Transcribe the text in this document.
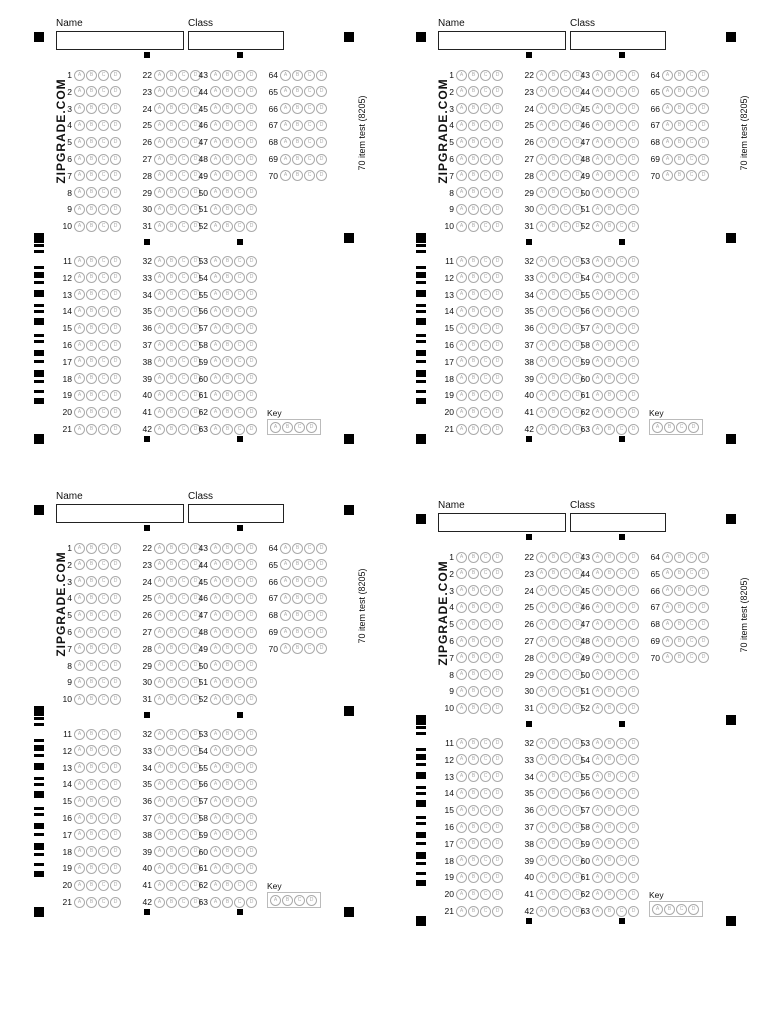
Name	Class
ZIPGRADE.COM	70 item test (8205)
1	A	B	C	D
2	A	B	C	D
3	A	B	C	D
4	A	B	C	D
5	A	B	C	D
6	A	B	C	D
7	A	B	C	D
8	A	B	C	D
9	A	B	C	D
10	A	B	C	D
11	A	B	C	D
12	A	B	C	D
13	A	B	C	D
14	A	B	C	D
15	A	B	C	D
16	A	B	C	D
17	A	B	C	D
18	A	B	C	D
19	A	B	C	D
20	A	B	C	D
21	A	B	C	D
22	A	B	C	D
23	A	B	C	D
24	A	B	C	D
25	A	B	C	D
26	A	B	C	D
27	A	B	C	D
28	A	B	C	D
29	A	B	C	D
30	A	B	C	D
31	A	B	C	D
32	A	B	C	D
33	A	B	C	D
34	A	B	C	D
35	A	B	C	D
36	A	B	C	D
37	A	B	C	D
38	A	B	C	D
39	A	B	C	D
40	A	B	C	D
41	A	B	C	D
42	A	B	C	D
43	A	B	C	D
44	A	B	C	D
45	A	B	C	D
46	A	B	C	D
47	A	B	C	D
48	A	B	C	D
49	A	B	C	D
50	A	B	C	D
51	A	B	C	D
52	A	B	C	D
53	A	B	C	D
54	A	B	C	D
55	A	B	C	D
56	A	B	C	D
57	A	B	C	D
58	A	B	C	D
59	A	B	C	D
60	A	B	C	D
61	A	B	C	D
62	A	B	C	D
63	A	B	C	D
64	A	B	C	D
65	A	B	C	D
66	A	B	C	D
67	A	B	C	D
68	A	B	C	D
69	A	B	C	D
70	A	B	C	D
Key
A	B	C	D
Name	Class
ZIPGRADE.COM	70 item test (8205)
1	A	B	C	D
2	A	B	C	D
3	A	B	C	D
4	A	B	C	D
5	A	B	C	D
6	A	B	C	D
7	A	B	C	D
8	A	B	C	D
9	A	B	C	D
10	A	B	C	D
11	A	B	C	D
12	A	B	C	D
13	A	B	C	D
14	A	B	C	D
15	A	B	C	D
16	A	B	C	D
17	A	B	C	D
18	A	B	C	D
19	A	B	C	D
20	A	B	C	D
21	A	B	C	D
22	A	B	C	D
23	A	B	C	D
24	A	B	C	D
25	A	B	C	D
26	A	B	C	D
27	A	B	C	D
28	A	B	C	D
29	A	B	C	D
30	A	B	C	D
31	A	B	C	D
32	A	B	C	D
33	A	B	C	D
34	A	B	C	D
35	A	B	C	D
36	A	B	C	D
37	A	B	C	D
38	A	B	C	D
39	A	B	C	D
40	A	B	C	D
41	A	B	C	D
42	A	B	C	D
43	A	B	C	D
44	A	B	C	D
45	A	B	C	D
46	A	B	C	D
47	A	B	C	D
48	A	B	C	D
49	A	B	C	D
50	A	B	C	D
51	A	B	C	D
52	A	B	C	D
53	A	B	C	D
54	A	B	C	D
55	A	B	C	D
56	A	B	C	D
57	A	B	C	D
58	A	B	C	D
59	A	B	C	D
60	A	B	C	D
61	A	B	C	D
62	A	B	C	D
63	A	B	C	D
64	A	B	C	D
65	A	B	C	D
66	A	B	C	D
67	A	B	C	D
68	A	B	C	D
69	A	B	C	D
70	A	B	C	D
Key
A	B	C	D
Name	Class
ZIPGRADE.COM	70 item test (8205)
1	A	B	C	D
2	A	B	C	D
3	A	B	C	D
4	A	B	C	D
5	A	B	C	D
6	A	B	C	D
7	A	B	C	D
8	A	B	C	D
9	A	B	C	D
10	A	B	C	D
11	A	B	C	D
12	A	B	C	D
13	A	B	C	D
14	A	B	C	D
15	A	B	C	D
16	A	B	C	D
17	A	B	C	D
18	A	B	C	D
19	A	B	C	D
20	A	B	C	D
21	A	B	C	D
22	A	B	C	D
23	A	B	C	D
24	A	B	C	D
25	A	B	C	D
26	A	B	C	D
27	A	B	C	D
28	A	B	C	D
29	A	B	C	D
30	A	B	C	D
31	A	B	C	D
32	A	B	C	D
33	A	B	C	D
34	A	B	C	D
35	A	B	C	D
36	A	B	C	D
37	A	B	C	D
38	A	B	C	D
39	A	B	C	D
40	A	B	C	D
41	A	B	C	D
42	A	B	C	D
43	A	B	C	D
44	A	B	C	D
45	A	B	C	D
46	A	B	C	D
47	A	B	C	D
48	A	B	C	D
49	A	B	C	D
50	A	B	C	D
51	A	B	C	D
52	A	B	C	D
53	A	B	C	D
54	A	B	C	D
55	A	B	C	D
56	A	B	C	D
57	A	B	C	D
58	A	B	C	D
59	A	B	C	D
60	A	B	C	D
61	A	B	C	D
62	A	B	C	D
63	A	B	C	D
64	A	B	C	D
65	A	B	C	D
66	A	B	C	D
67	A	B	C	D
68	A	B	C	D
69	A	B	C	D
70	A	B	C	D
Key
A	B	C	D
Name	Class
ZIPGRADE.COM	70 item test (8205)
1	A	B	C	D
2	A	B	C	D
3	A	B	C	D
4	A	B	C	D
5	A	B	C	D
6	A	B	C	D
7	A	B	C	D
8	A	B	C	D
9	A	B	C	D
10	A	B	C	D
11	A	B	C	D
12	A	B	C	D
13	A	B	C	D
14	A	B	C	D
15	A	B	C	D
16	A	B	C	D
17	A	B	C	D
18	A	B	C	D
19	A	B	C	D
20	A	B	C	D
21	A	B	C	D
22	A	B	C	D
23	A	B	C	D
24	A	B	C	D
25	A	B	C	D
26	A	B	C	D
27	A	B	C	D
28	A	B	C	D
29	A	B	C	D
30	A	B	C	D
31	A	B	C	D
32	A	B	C	D
33	A	B	C	D
34	A	B	C	D
35	A	B	C	D
36	A	B	C	D
37	A	B	C	D
38	A	B	C	D
39	A	B	C	D
40	A	B	C	D
41	A	B	C	D
42	A	B	C	D
43	A	B	C	D
44	A	B	C	D
45	A	B	C	D
46	A	B	C	D
47	A	B	C	D
48	A	B	C	D
49	A	B	C	D
50	A	B	C	D
51	A	B	C	D
52	A	B	C	D
53	A	B	C	D
54	A	B	C	D
55	A	B	C	D
56	A	B	C	D
57	A	B	C	D
58	A	B	C	D
59	A	B	C	D
60	A	B	C	D
61	A	B	C	D
62	A	B	C	D
63	A	B	C	D
64	A	B	C	D
65	A	B	C	D
66	A	B	C	D
67	A	B	C	D
68	A	B	C	D
69	A	B	C	D
70	A	B	C	D
Key
A	B	C	D
